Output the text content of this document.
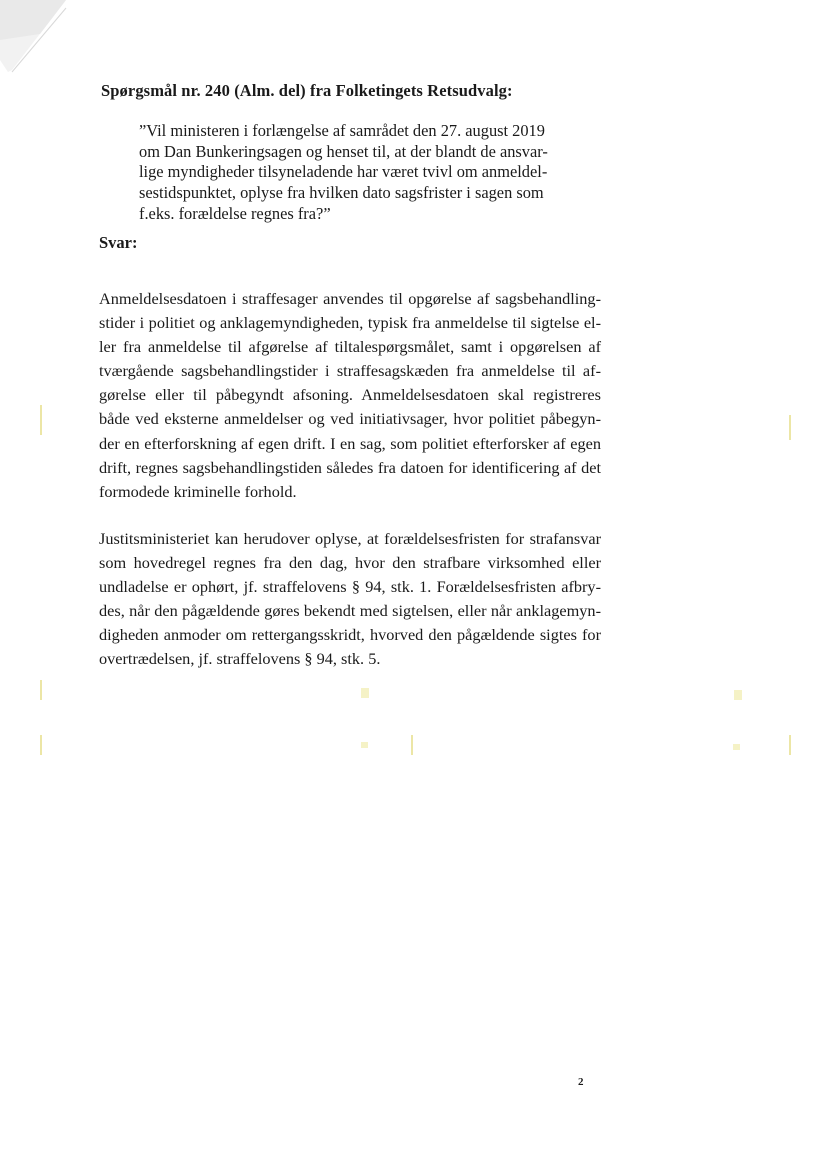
Spørgsmål nr. 240 (Alm. del) fra Folketingets Retsudvalg:
”Vil ministeren i forlængelse af samrådet den 27. august 2019
om Dan Bunkeringsagen og henset til, at der blandt de ansvar-
lige myndigheder tilsyneladende har været tvivl om anmeldel-
sestidspunktet, oplyse fra hvilken dato sagsfrister i sagen som
f.eks. forældelse regnes fra?”
Svar:
Anmeldelsesdatoen i straffesager anvendes til opgørelse af sagsbehandling-
stider i politiet og anklagemyndigheden, typisk fra anmeldelse til sigtelse el-
ler fra anmeldelse til afgørelse af tiltalespørgsmålet, samt i opgørelsen af
tværgående sagsbehandlingstider i straffesagskæden fra anmeldelse til af-
gørelse eller til påbegyndt afsoning. Anmeldelsesdatoen skal registreres
både ved eksterne anmeldelser og ved initiativsager, hvor politiet påbegyn-
der en efterforskning af egen drift. I en sag, som politiet efterforsker af egen
drift, regnes sagsbehandlingstiden således fra datoen for identificering af det
formodede kriminelle forhold.
Justitsministeriet kan herudover oplyse, at forældelsesfristen for strafansvar
som hovedregel regnes fra den dag, hvor den strafbare virksomhed eller
undladelse er ophørt, jf. straffelovens § 94, stk. 1. Forældelsesfristen afbry-
des, når den pågældende gøres bekendt med sigtelsen, eller når anklagemyn-
digheden anmoder om rettergangsskridt, hvorved den pågældende sigtes for
overtrædelsen, jf. straffelovens § 94, stk. 5.
2
